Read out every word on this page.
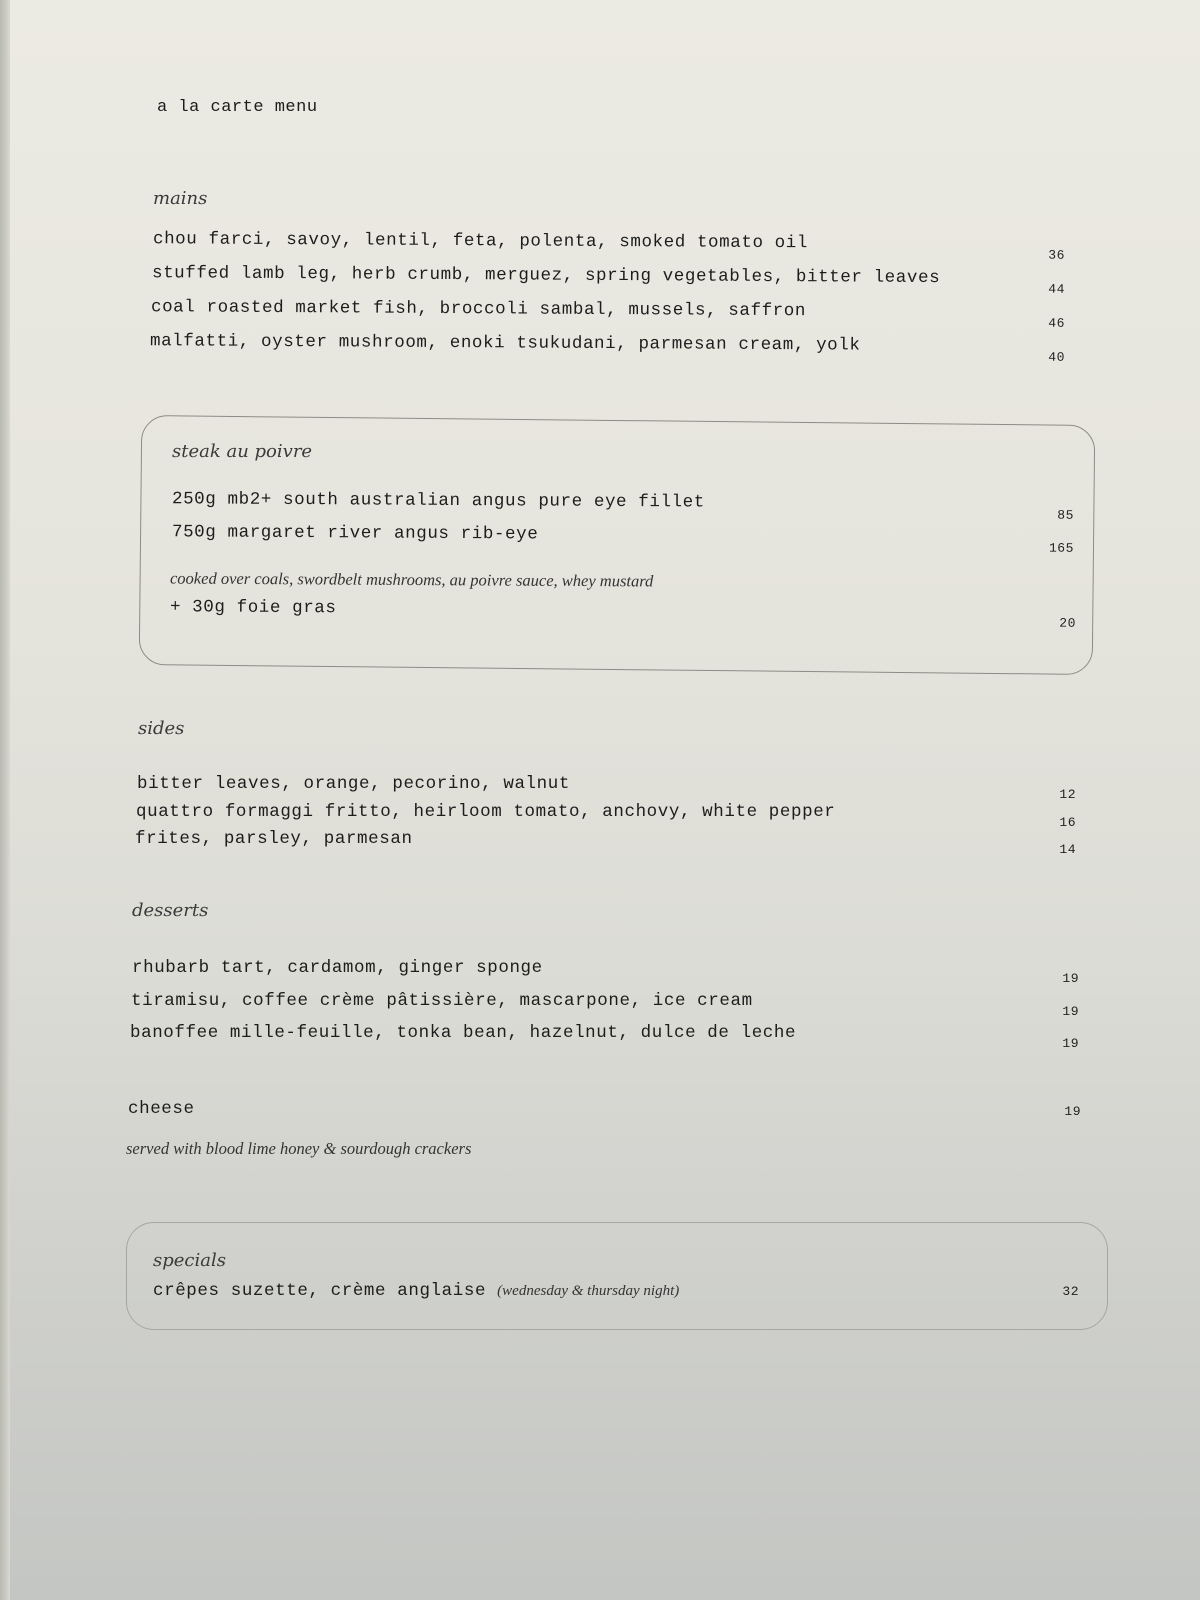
a la carte menu
mains
chou farci, savoy, lentil, feta, polenta, smoked tomato oil
36
stuffed lamb leg, herb crumb, merguez, spring vegetables, bitter leaves
44
coal roasted market fish, broccoli sambal, mussels, saffron
46
malfatti, oyster mushroom, enoki tsukudani, parmesan cream, yolk
40
steak au poivre
250g mb2+ south australian angus pure eye fillet
85
750g margaret river angus rib-eye
165
cooked over coals, swordbelt mushrooms, au poivre sauce, whey mustard
+ 30g foie gras
20
sides
bitter leaves, orange, pecorino, walnut
12
quattro formaggi fritto, heirloom tomato, anchovy, white pepper
16
frites, parsley, parmesan
14
desserts
rhubarb tart, cardamom, ginger sponge
19
tiramisu, coffee crème pâtissière, mascarpone, ice cream
19
banoffee mille-feuille, tonka bean, hazelnut, dulce de leche
19
cheese	19
served with blood lime honey & sourdough crackers
specials
crêpes suzette, crème anglaise (wednesday & thursday night)	32
